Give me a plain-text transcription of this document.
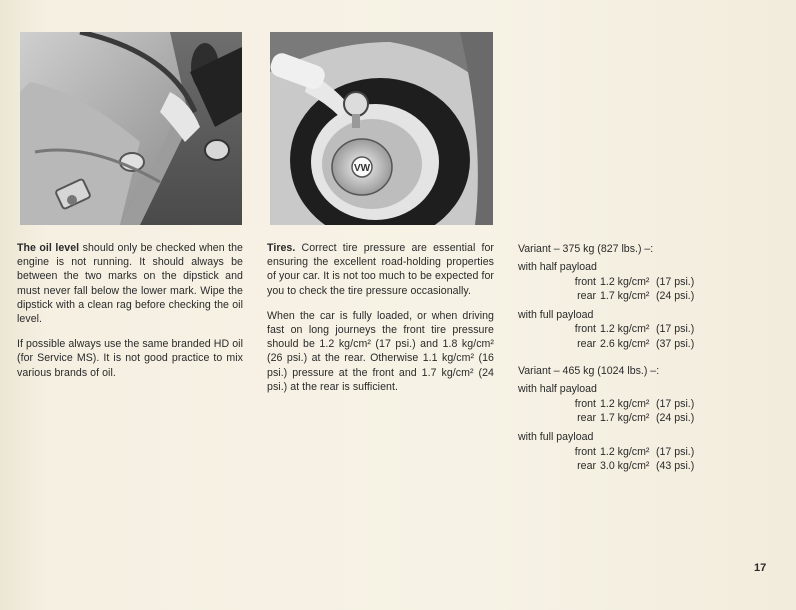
VW

The oil level should only be checked when the engine is not running. It should always be between the two marks on the dipstick and must never fall below the lower mark. Wipe the dipstick with a clean rag before checking the oil level.

If possible always use the same branded HD oil (for Service MS). It is not good practice to mix various brands of oil.

Tires. Correct tire pressure are essential for ensuring the excellent road-holding properties of your car. It is not too much to be expected for you to check the tire pressure occasionally.

When the car is fully loaded, or when driving fast on long journeys the front tire pressure should be 1.2 kg/cm² (17 psi.) and 1.8 kg/cm² (26 psi.) at the rear. Otherwise 1.1 kg/cm² (16 psi.) pressure at the front and 1.7 kg/cm² (24 psi.) at the rear is sufficient.

Variant – 375 kg (827 lbs.) –:
with half payload
front 1.2 kg/cm² (17 psi.)
rear 1.7 kg/cm² (24 psi.)
with full payload
front 1.2 kg/cm² (17 psi.)
rear 2.6 kg/cm² (37 psi.)
Variant – 465 kg (1024 lbs.) –:
with half payload
front 1.2 kg/cm² (17 psi.)
rear 1.7 kg/cm² (24 psi.)
with full payload
front 1.2 kg/cm² (17 psi.)
rear 3.0 kg/cm² (43 psi.)
17
